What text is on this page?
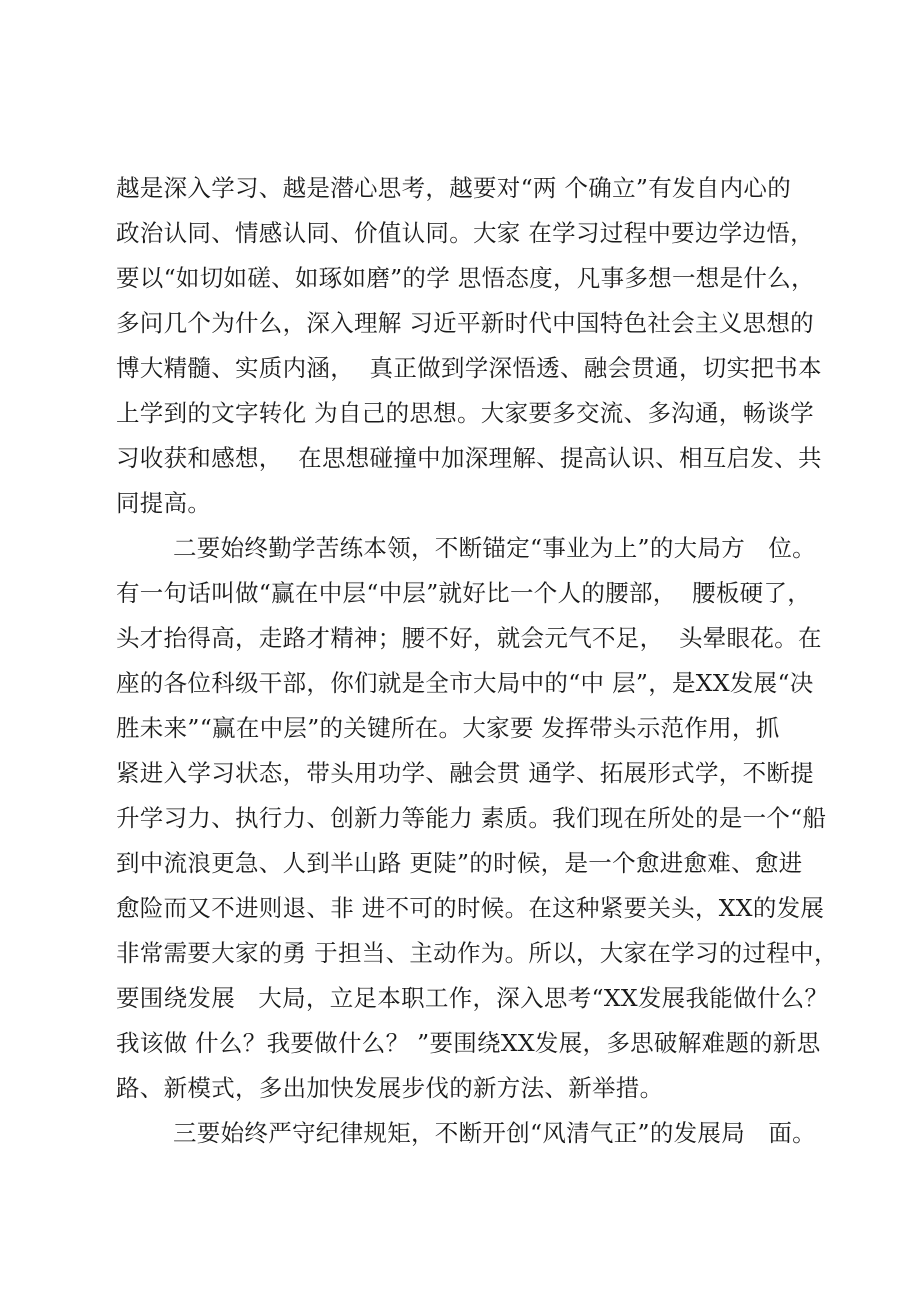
越是深入学习、越是潜心思考，越要对“两 个确立”有发自内心的
政治认同、情感认同、价值认同。大家 在学习过程中要边学边悟，
要以“如切如磋、如琢如磨”的学 思悟态度，凡事多想一想是什么，
多问几个为什么，深入理解 习近平新时代中国特色社会主义思想的
博大精髓、实质内涵，  真正做到学深悟透、融会贯通，切实把书本
上学到的文字转化 为自己的思想。大家要多交流、多沟通，畅谈学
习收获和感想，  在思想碰撞中加深理解、提高认识、相互启发、共
同提高。
二要始终勤学苦练本领，不断锚定“事业为上”的大局方   位。
有一句话叫做“赢在中层“中层”就好比一个人的腰部，  腰板硬了，
头才抬得高，走路才精神；腰不好，就会元气不足，  头晕眼花。在
座的各位科级干部，你们就是全市大局中的“中 层”，是XX发展“决
胜未来”“赢在中层”的关键所在。大家要 发挥带头示范作用，抓
紧进入学习状态，带头用功学、融会贯 通学、拓展形式学，不断提
升学习力、执行力、创新力等能力 素质。我们现在所处的是一个“船
到中流浪更急、人到半山路 更陡”的时候，是一个愈进愈难、愈进
愈险而又不进则退、非 进不可的时候。在这种紧要关头，XX的发展
非常需要大家的勇 于担当、主动作为。所以，大家在学习的过程中，
要围绕发展   大局，立足本职工作，深入思考“XX发展我能做什么？
我该做 什么？我要做什么？ ”要围绕XX发展，多思破解难题的新思
路、新模式，多出加快发展步伐的新方法、新举措。
三要始终严守纪律规矩，不断开创“风清气正”的发展局   面。
